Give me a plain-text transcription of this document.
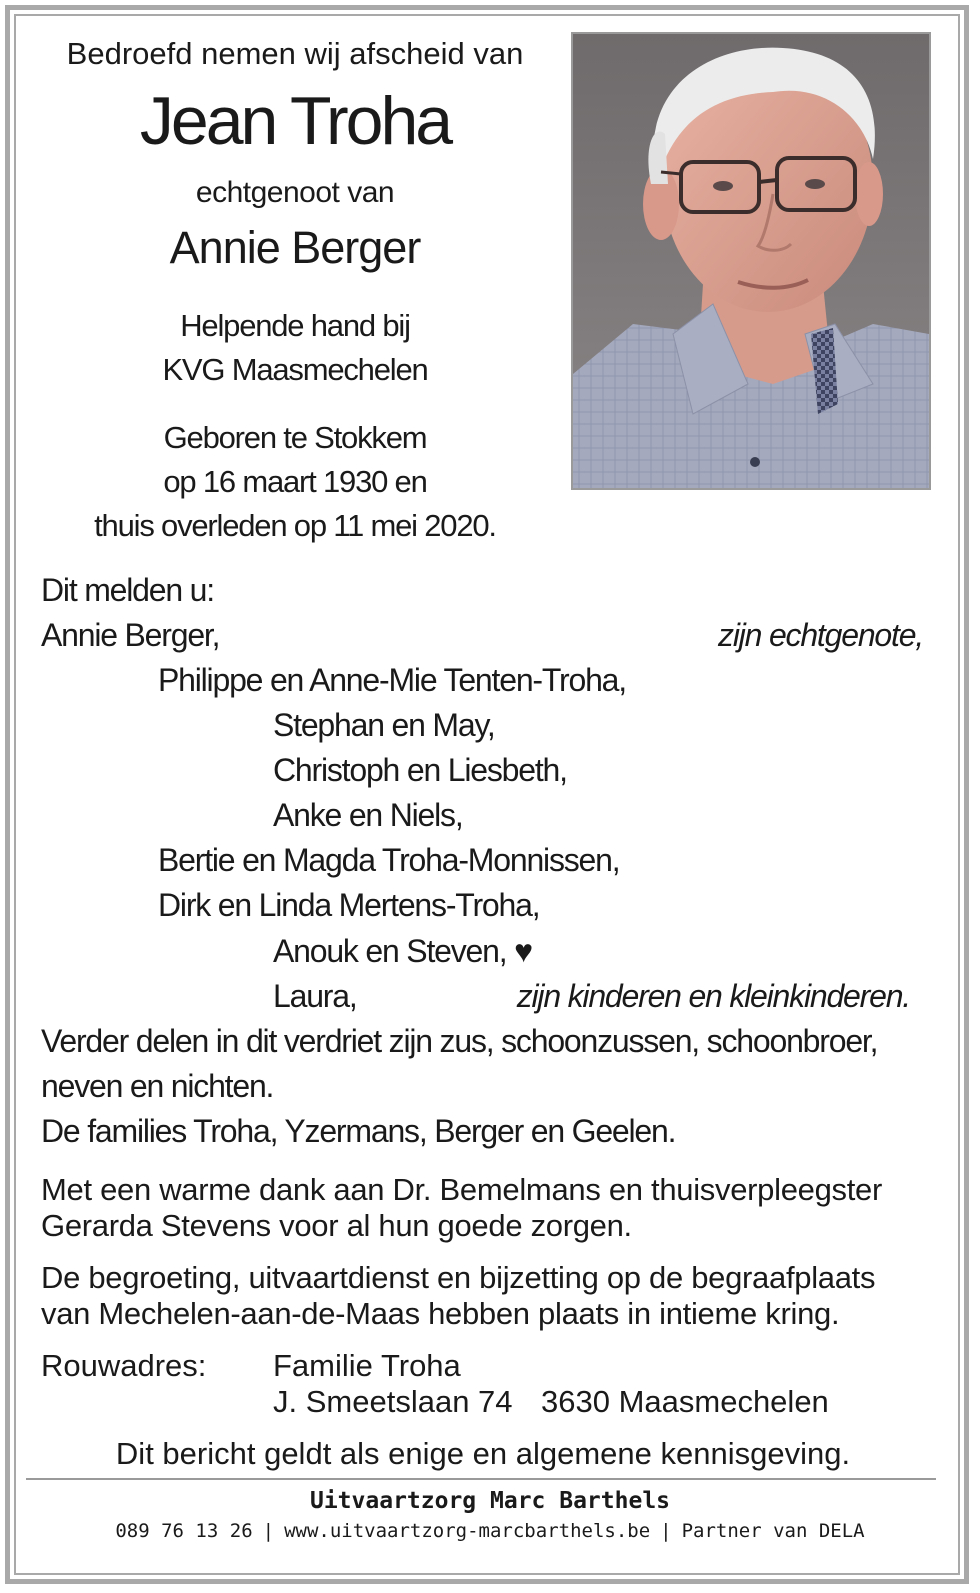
Bedroefd nemen wij afscheid van
Jean Troha
echtgenoot van
Annie Berger
Helpende hand bij
KVG Maasmechelen
Geboren te Stokkem
op 16 maart 1930 en
thuis overleden op 11 mei 2020.
Dit melden u:
Annie Berger,	zijn echtgenote,
Philippe en Anne-Mie Tenten-Troha,
Stephan en May,
Christoph en Liesbeth,
Anke en Niels,
Bertie en Magda Troha-Monnissen,
Dirk en Linda Mertens-Troha,
Anouk en Steven, ♥
Laura,	zijn kinderen en kleinkinderen.
Verder delen in dit verdriet zijn zus, schoonzussen, schoonbroer,
neven en nichten.
De families Troha, Yzermans, Berger en Geelen.
Met een warme dank aan Dr. Bemelmans en thuisverpleegster
Gerarda Stevens voor al hun goede zorgen.
De begroeting, uitvaartdienst en bijzetting op de begraafplaats
van Mechelen-aan-de-Maas hebben plaats in intieme kring.
Rouwadres: Familie Troha
J. Smeetslaan 74 3630 Maasmechelen
Dit bericht geldt als enige en algemene kennisgeving.
Uitvaartzorg Marc Barthels
089 76 13 26 | www.uitvaartzorg-marcbarthels.be | Partner van DELA
